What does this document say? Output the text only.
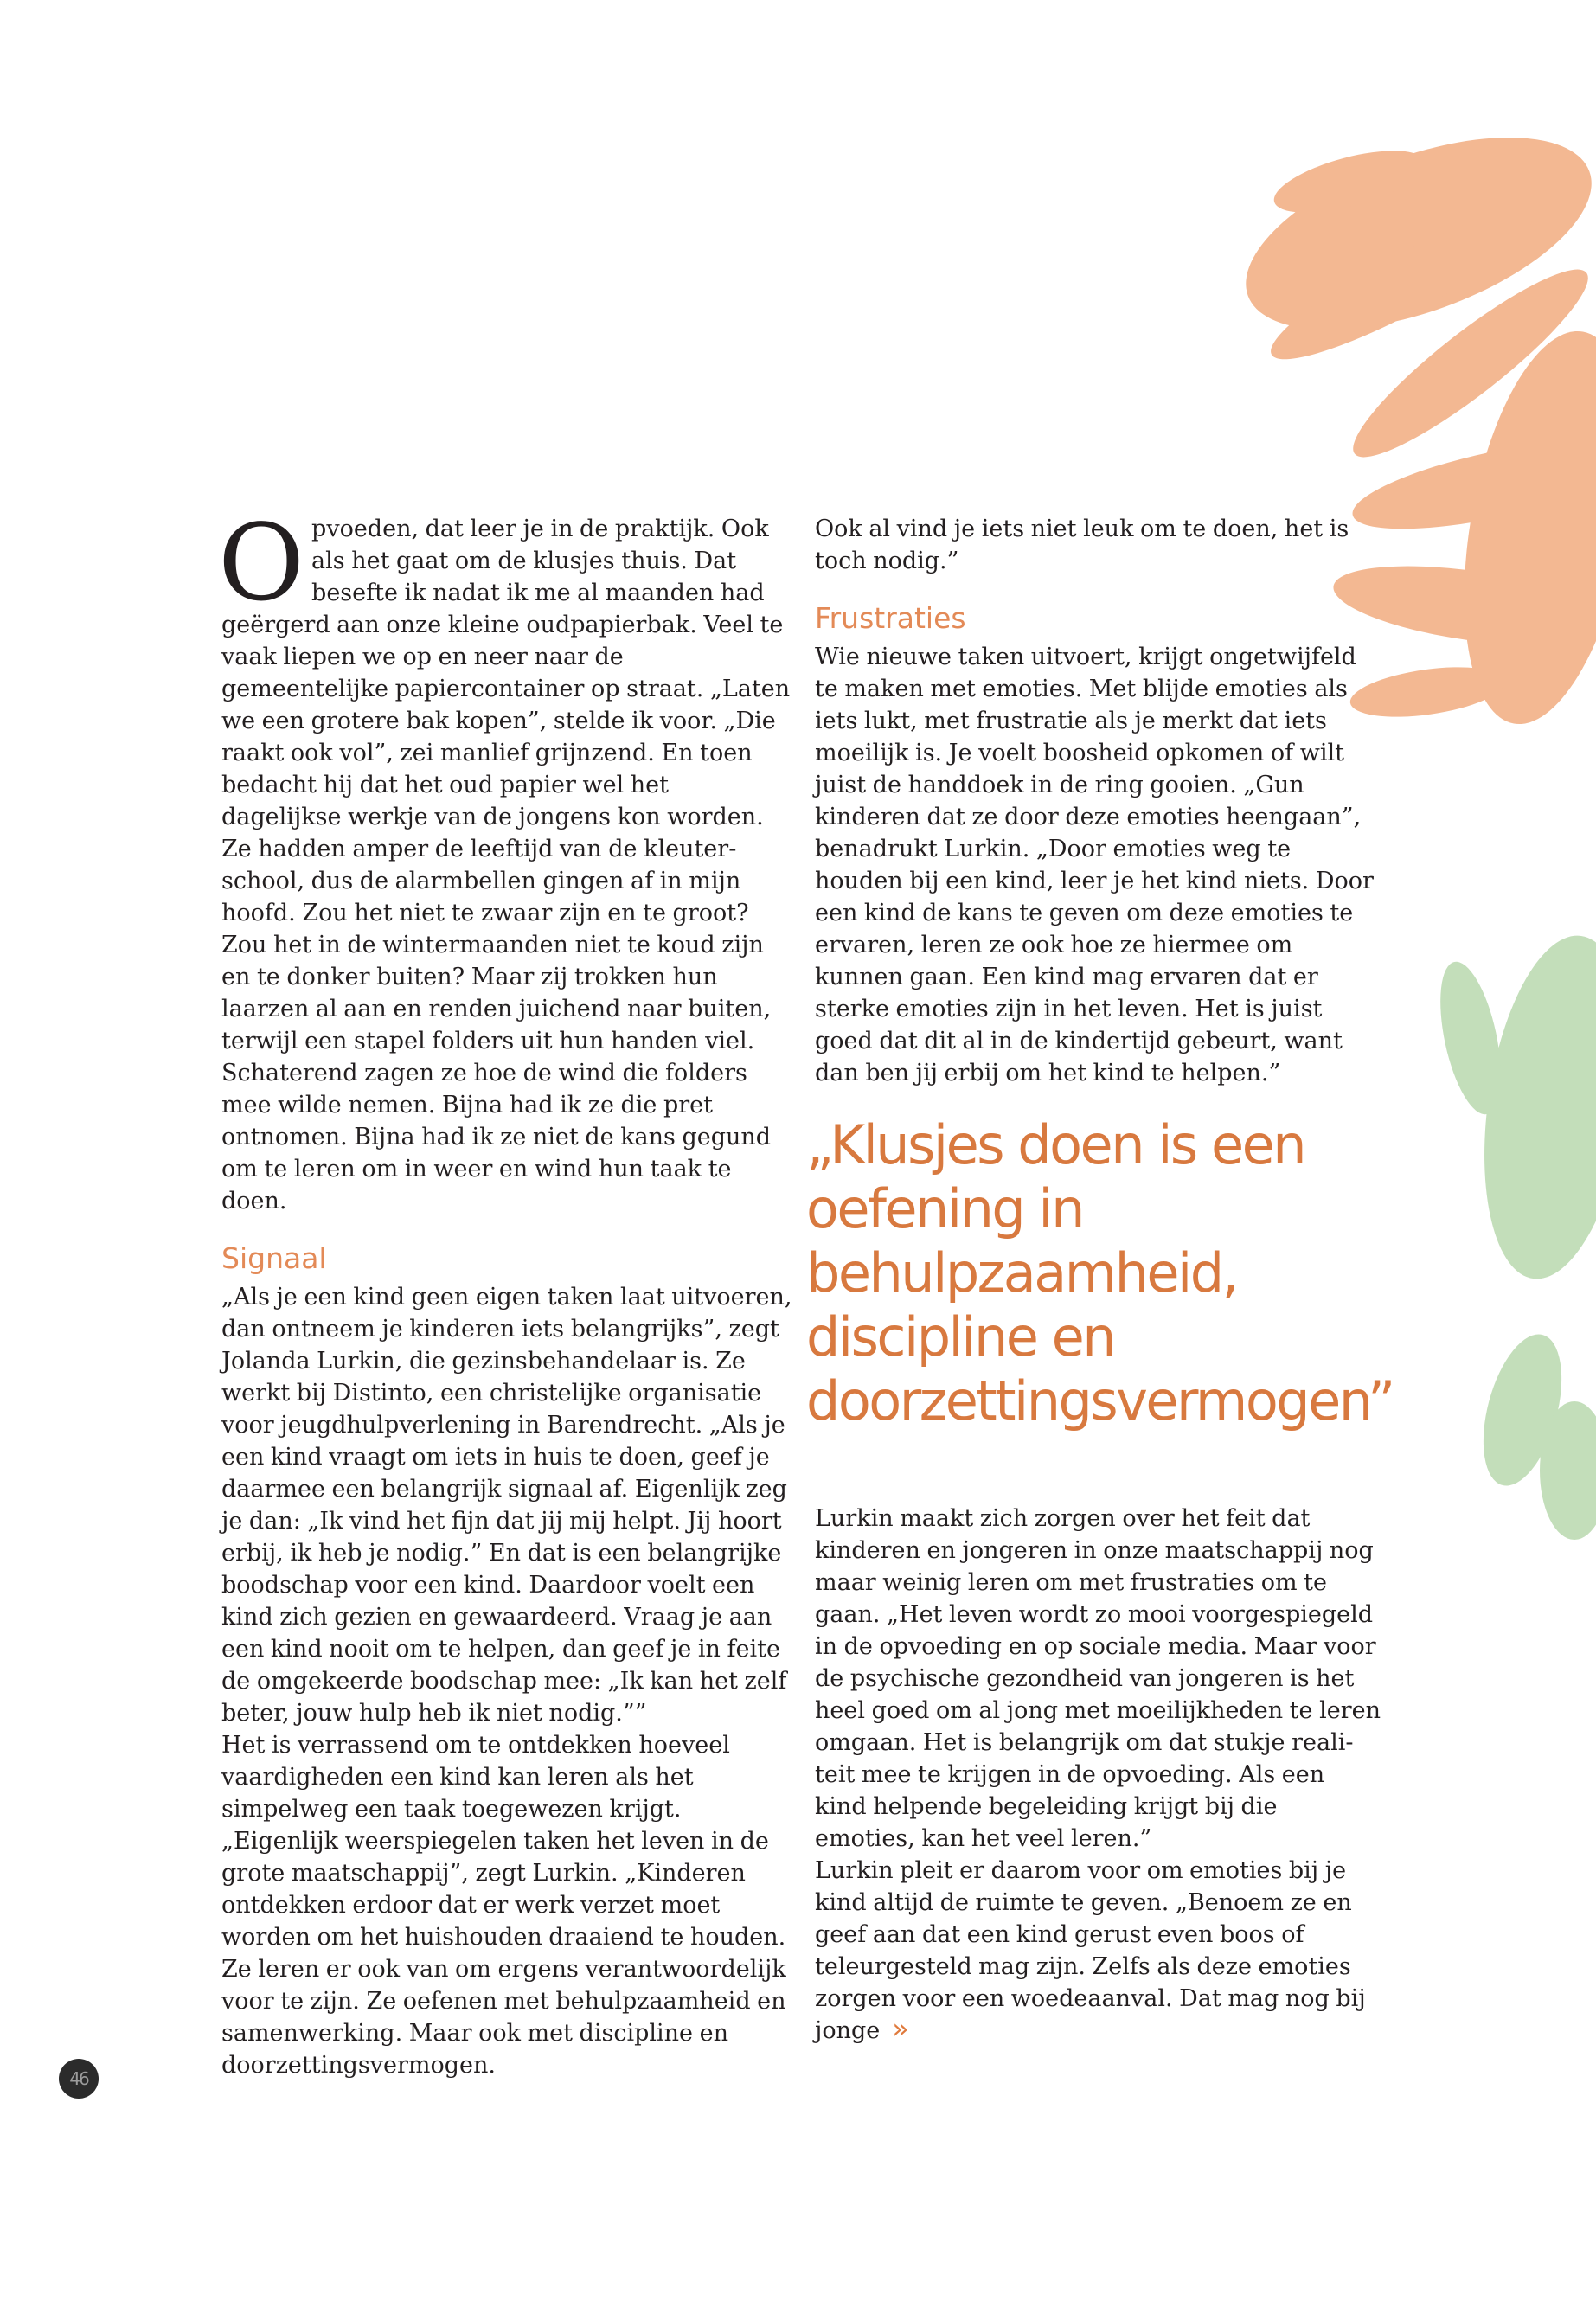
Opvoeden, dat leer je in de praktijk. Ook als het gaat om de klusjes thuis. Dat besefte ik nadat ik me al maanden had geërgerd aan onze kleine oudpapierbak. Veel te vaak liepen we op en neer naar de gemeentelijke papiercontainer op straat. „Laten we een grotere bak kopen”, stelde ik voor. „Die raakt ook vol”, zei manlief grijnzend. En toen bedacht hij dat het oud papier wel het dagelijkse werkje van de jongens kon worden.

Ze hadden amper de leeftijd van de kleuterschool, dus de alarmbellen gingen af in mijn hoofd. Zou het niet te zwaar zijn en te groot? Zou het in de wintermaanden niet te koud zijn en te donker buiten? Maar zij trokken hun laarzen al aan en renden juichend naar buiten, terwijl een stapel folders uit hun handen viel. Schaterend zagen ze hoe de wind die folders mee wilde nemen. Bijna had ik ze die pret ontnomen. Bijna had ik ze niet de kans gegund om te leren om in weer en wind hun taak te doen.

Signaal

„Als je een kind geen eigen taken laat uitvoeren, dan ontneem je kinderen iets belangrijks”, zegt Jolanda Lurkin, die gezinsbehandelaar is. Ze werkt bij Distinto, een christelijke organisatie voor jeugdhulpverlening in Barendrecht. „Als je een kind vraagt om iets in huis te doen, geef je daarmee een belangrijk signaal af. Eigenlijk zeg je dan: „Ik vind het fijn dat jij mij helpt. Jij hoort erbij, ik heb je nodig.” En dat is een belangrijke boodschap voor een kind. Daardoor voelt een kind zich gezien en gewaardeerd. Vraag je aan een kind nooit om te helpen, dan geef je in feite de omgekeerde boodschap mee: „Ik kan het zelf beter, jouw hulp heb ik niet nodig.””

Het is verrassend om te ontdekken hoeveel vaardigheden een kind kan leren als het simpelweg een taak toegewezen krijgt. „Eigenlijk weerspiegelen taken het leven in de grote maatschappij”, zegt Lurkin. „Kinderen ontdekken erdoor dat er werk verzet moet worden om het huishouden draaiend te houden. Ze leren er ook van om ergens verantwoordelijk voor te zijn. Ze oefenen met behulpzaamheid en samenwerking. Maar ook met discipline en doorzettingsvermogen.

Ook al vind je iets niet leuk om te doen, het is toch nodig.”

Frustraties

Wie nieuwe taken uitvoert, krijgt ongetwijfeld te maken met emoties. Met blijde emoties als iets lukt, met frustratie als je merkt dat iets moeilijk is. Je voelt boosheid opkomen of wilt juist de handdoek in de ring gooien. „Gun kinderen dat ze door deze emoties heengaan”, benadrukt Lurkin. „Door emoties weg te houden bij een kind, leer je het kind niets. Door een kind de kans te geven om deze emoties te ervaren, leren ze ook hoe ze hiermee om kunnen gaan. Een kind mag ervaren dat er sterke emoties zijn in het leven. Het is juist goed dat dit al in de kindertijd gebeurt, want dan ben jij erbij om het kind te helpen.”

„Klusjes doen is een oefening in behulpzaamheid, discipline en doorzettingsvermogen”

Lurkin maakt zich zorgen over het feit dat kinderen en jongeren in onze maatschappij nog maar weinig leren om met frustraties om te gaan. „Het leven wordt zo mooi voorgespiegeld in de opvoeding en op sociale media. Maar voor de psychische gezondheid van jongeren is het heel goed om al jong met moeilijkheden te leren omgaan. Het is belangrijk om dat stukje realiteit mee te krijgen in de opvoeding. Als een kind helpende begeleiding krijgt bij die emoties, kan het veel leren.”

Lurkin pleit er daarom voor om emoties bij je kind altijd de ruimte te geven. „Benoem ze en geef aan dat een kind gerust even boos of teleurgesteld mag zijn. Zelfs als deze emoties zorgen voor een woedeaanval. Dat mag nog bij jonge »

46
